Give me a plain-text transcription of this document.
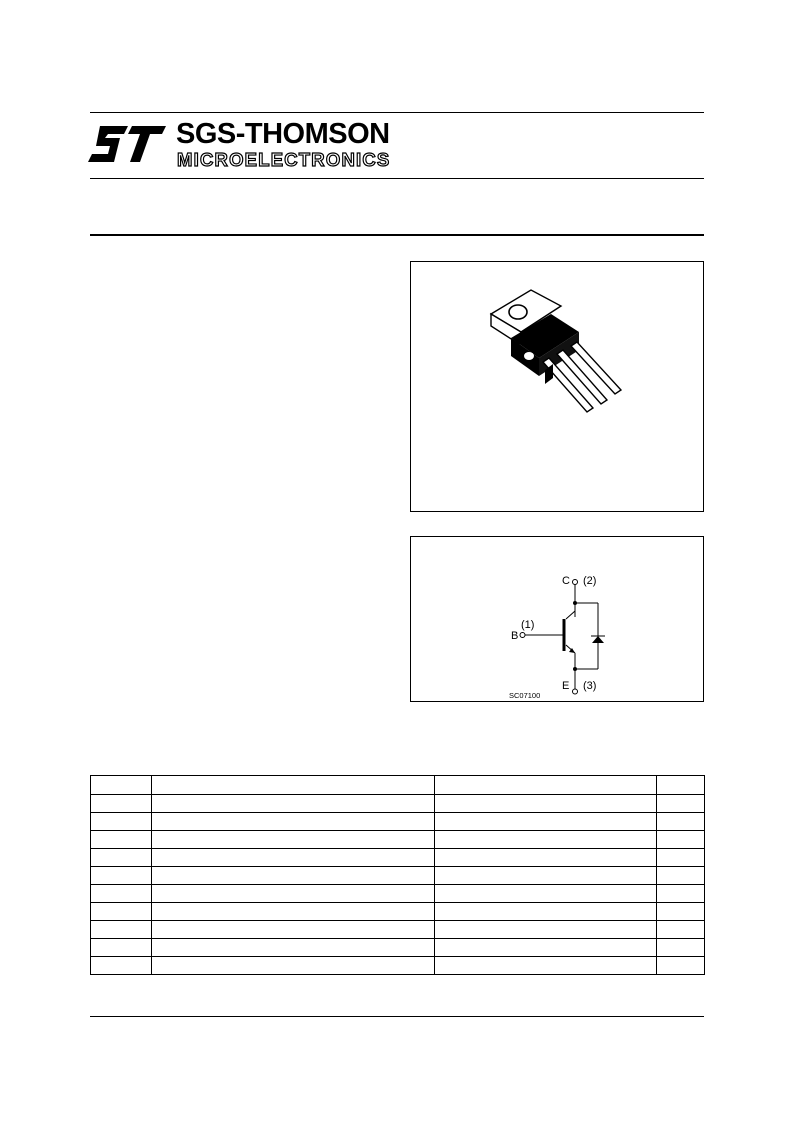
SGS-THOMSON
MICROELECTRONICS
C (2)
B
(1)
E (3)
SC07100
